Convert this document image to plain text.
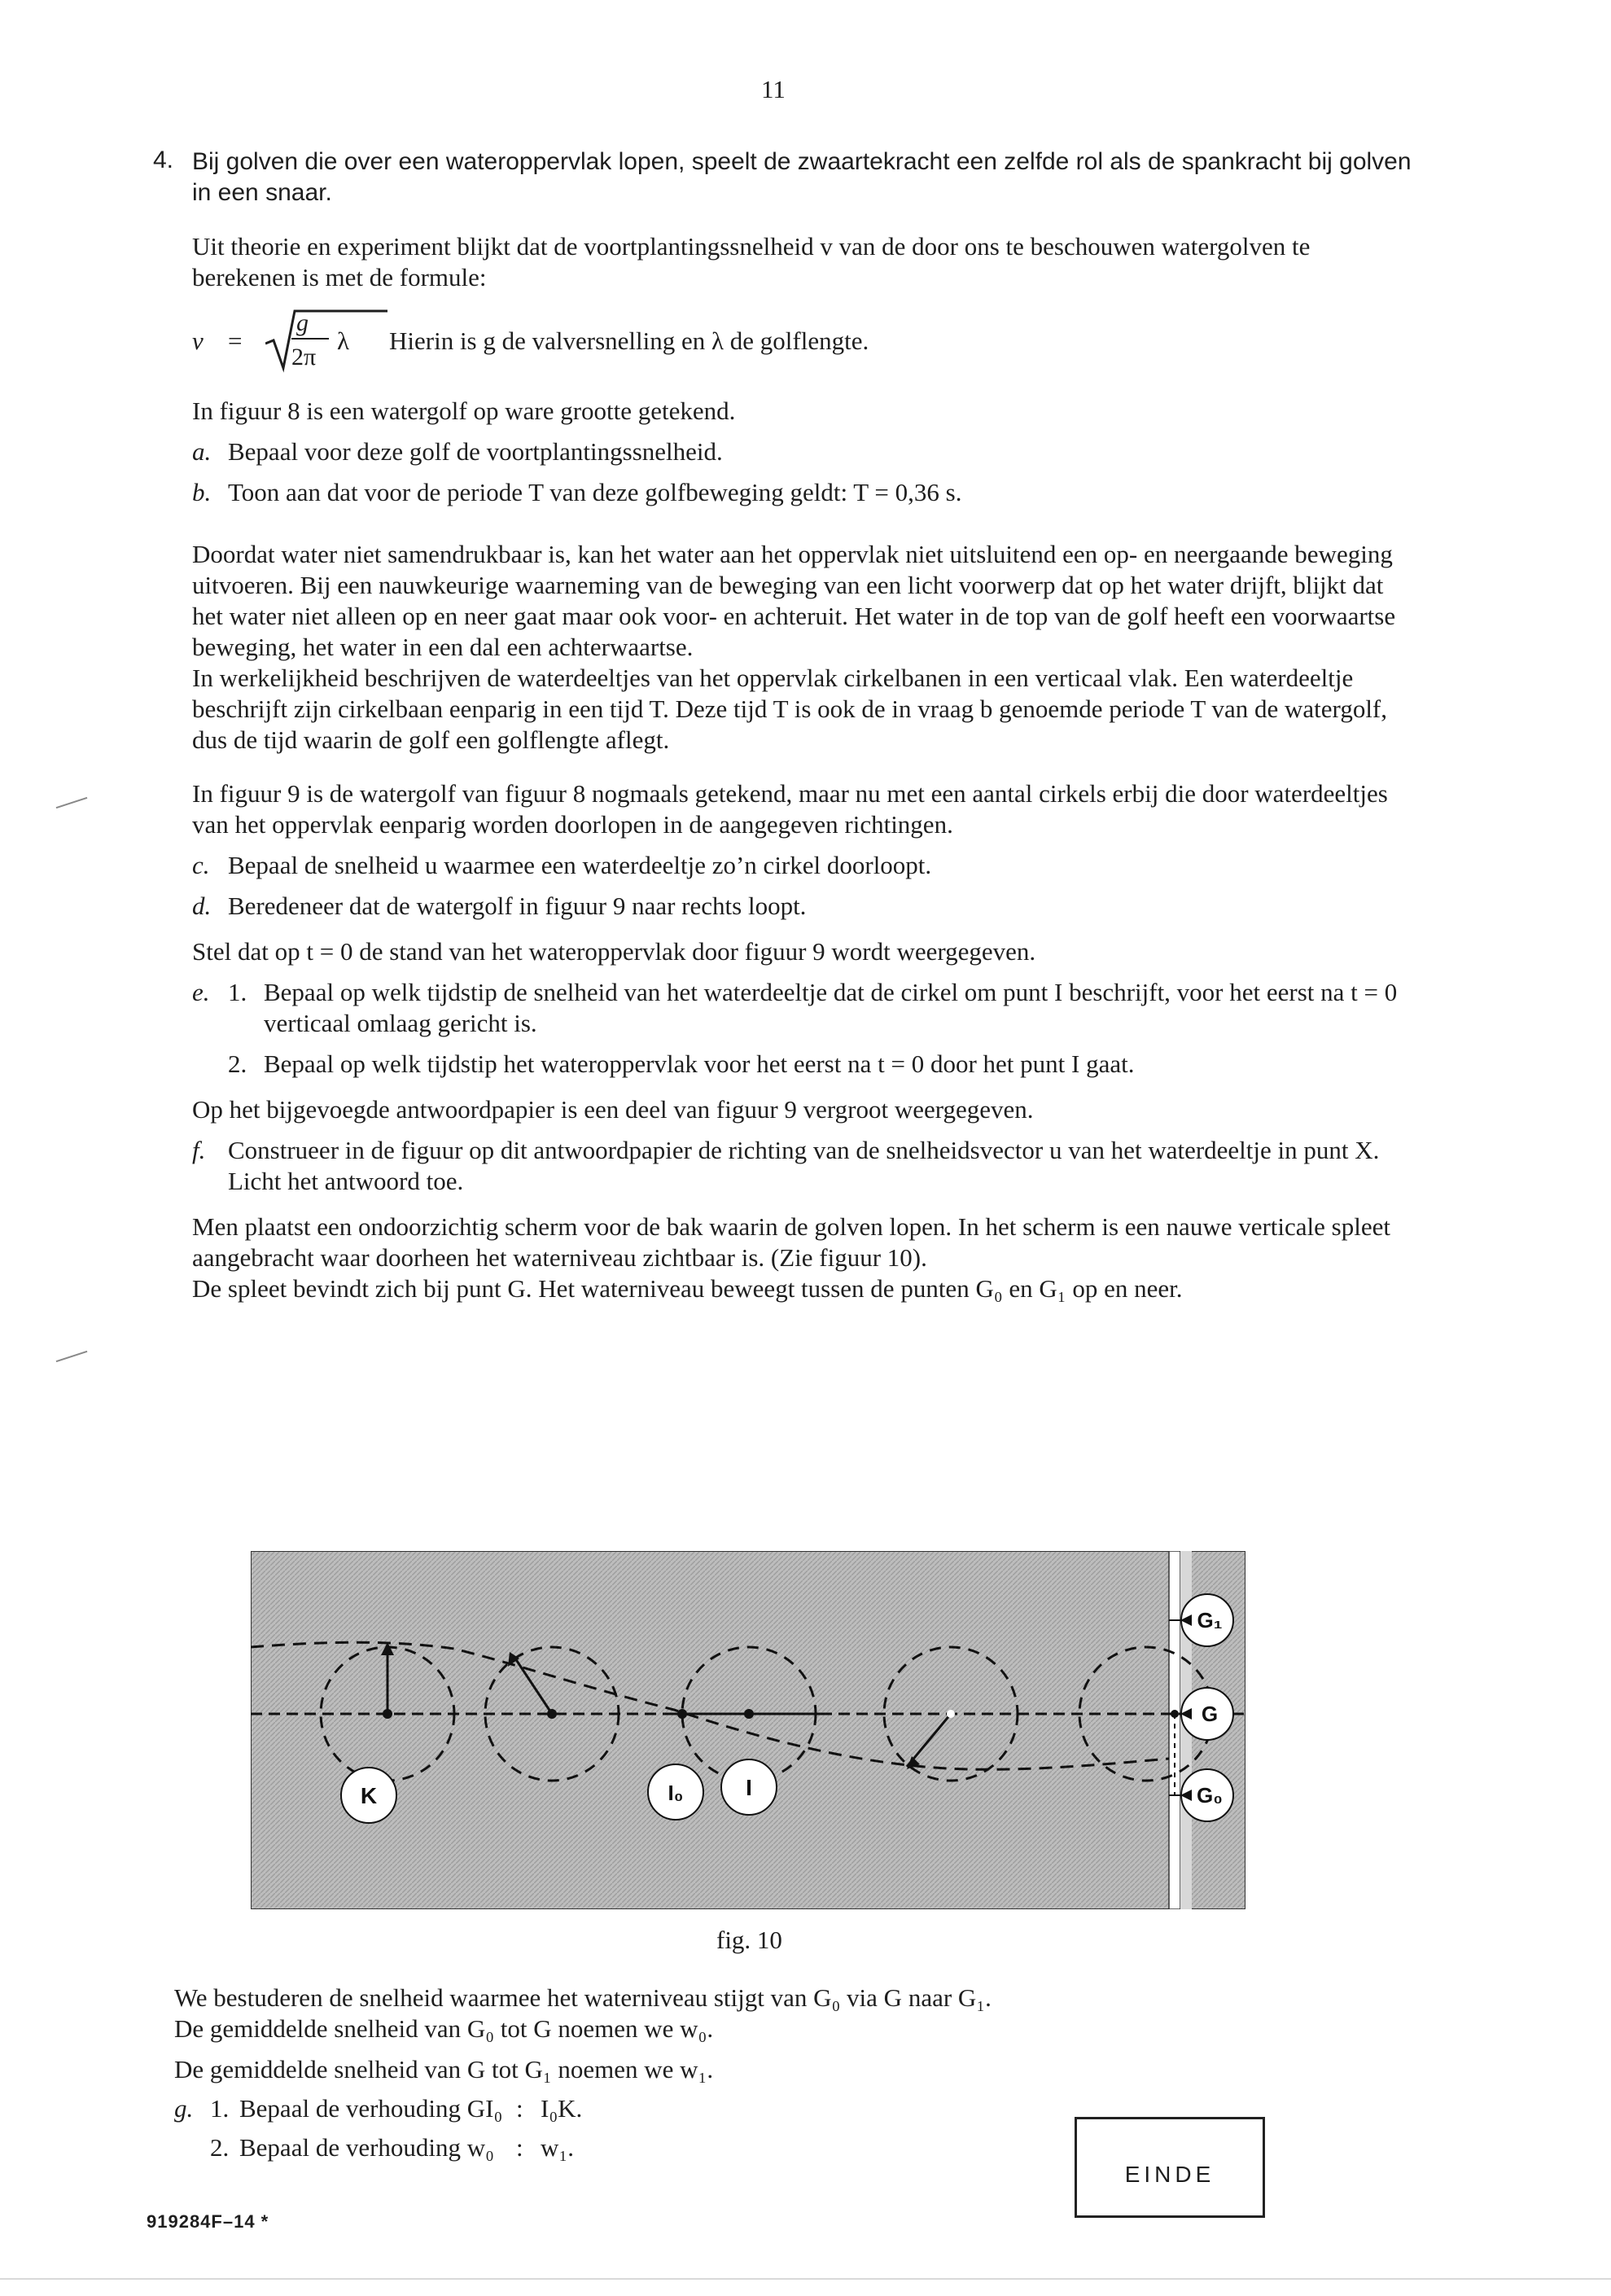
11
4. Bij golven die over een wateroppervlak lopen, speelt de zwaartekracht een zelfde rol als de spankracht bij golven in een snaar.

Uit theorie en experiment blijkt dat de voortplantingssnelheid v van de door ons te beschouwen watergolven te berekenen is met de formule:

v =
g
2π
λ Hierin is g de valversnelling en λ de golflengte.

In figuur 8 is een watergolf op ware grootte getekend.

a. Bepaal voor deze golf de voortplantingssnelheid.
b. Toon aan dat voor de periode T van deze golfbeweging geldt: T = 0,36 s.

Doordat water niet samendrukbaar is, kan het water aan het oppervlak niet uitsluitend een op- en neergaande beweging uitvoeren. Bij een nauwkeurige waarneming van de beweging van een licht voorwerp dat op het water drijft, blijkt dat het water niet alleen op en neer gaat maar ook voor- en achteruit. Het water in de top van de golf heeft een voorwaartse beweging, het water in een dal een achterwaartse.

In werkelijkheid beschrijven de waterdeeltjes van het oppervlak cirkelbanen in een verticaal vlak. Een waterdeeltje beschrijft zijn cirkelbaan eenparig in een tijd T. Deze tijd T is ook de in vraag b genoemde periode T van de watergolf, dus de tijd waarin de golf een golflengte aflegt.

In figuur 9 is de watergolf van figuur 8 nogmaals getekend, maar nu met een aantal cirkels erbij die door waterdeeltjes van het oppervlak eenparig worden doorlopen in de aangegeven richtingen.

c. Bepaal de snelheid u waarmee een waterdeeltje zo’n cirkel doorloopt.
d. Beredeneer dat de watergolf in figuur 9 naar rechts loopt.

Stel dat op t = 0 de stand van het wateroppervlak door figuur 9 wordt weergegeven.

e. 1. Bepaal op welk tijdstip de snelheid van het waterdeeltje dat de cirkel om punt I beschrijft, voor het eerst na t = 0 verticaal omlaag gericht is.
2. Bepaal op welk tijdstip het wateroppervlak voor het eerst na t = 0 door het punt I gaat.

Op het bijgevoegde antwoordpapier is een deel van figuur 9 vergroot weergegeven.

f. Construeer in de figuur op dit antwoordpapier de richting van de snelheidsvector u van het waterdeeltje in punt X.
Licht het antwoord toe.

Men plaatst een ondoorzichtig scherm voor de bak waarin de golven lopen. In het scherm is een nauwe verticale spleet aangebracht waar doorheen het waterniveau zichtbaar is. (Zie figuur 10).

De spleet bevindt zich bij punt G. Het waterniveau beweegt tussen de punten G₀ en G₁ op en neer.

K	I₀	I
G₁
G
G₀
fig. 10

We bestuderen de snelheid waarmee het waterniveau stijgt van G₀ via G naar G₁.

De gemiddelde snelheid van G₀ tot G noemen we w₀.

De gemiddelde snelheid van G tot G₁ noemen we w₁.

g. 1. Bepaal de verhouding GI₀ : I₀K.
2. Bepaal de verhouding w₀ : w₁.
EINDE
919284F–14 *
